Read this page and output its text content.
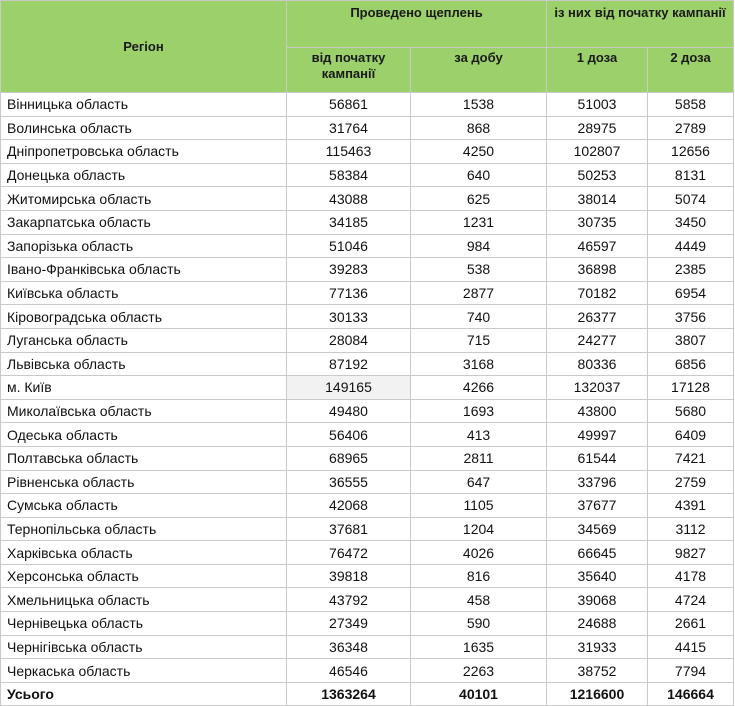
Регіон	Проведено щеплень		із них від початку кампанії	
	від початку кампанії	за добу	1 доза	2 доза
Вінницька область	56861	1538	51003	5858
Волинська область	31764	868	28975	2789
Дніпропетровська область	115463	4250	102807	12656
Донецька область	58384	640	50253	8131
Житомирська область	43088	625	38014	5074
Закарпатська область	34185	1231	30735	3450
Запорізька область	51046	984	46597	4449
Івано-Франківська область	39283	538	36898	2385
Київська область	77136	2877	70182	6954
Кіровоградська область	30133	740	26377	3756
Луганська область	28084	715	24277	3807
Львівська область	87192	3168	80336	6856
м. Київ	149165	4266	132037	17128
Миколаївська область	49480	1693	43800	5680
Одеська область	56406	413	49997	6409
Полтавська область	68965	2811	61544	7421
Рівненська область	36555	647	33796	2759
Сумська область	42068	1105	37677	4391
Тернопільська область	37681	1204	34569	3112
Харківська область	76472	4026	66645	9827
Херсонська область	39818	816	35640	4178
Хмельницька область	43792	458	39068	4724
Чернівецька область	27349	590	24688	2661
Чернігівська область	36348	1635	31933	4415
Черкаська область	46546	2263	38752	7794
Усього	1363264	40101	1216600	146664
